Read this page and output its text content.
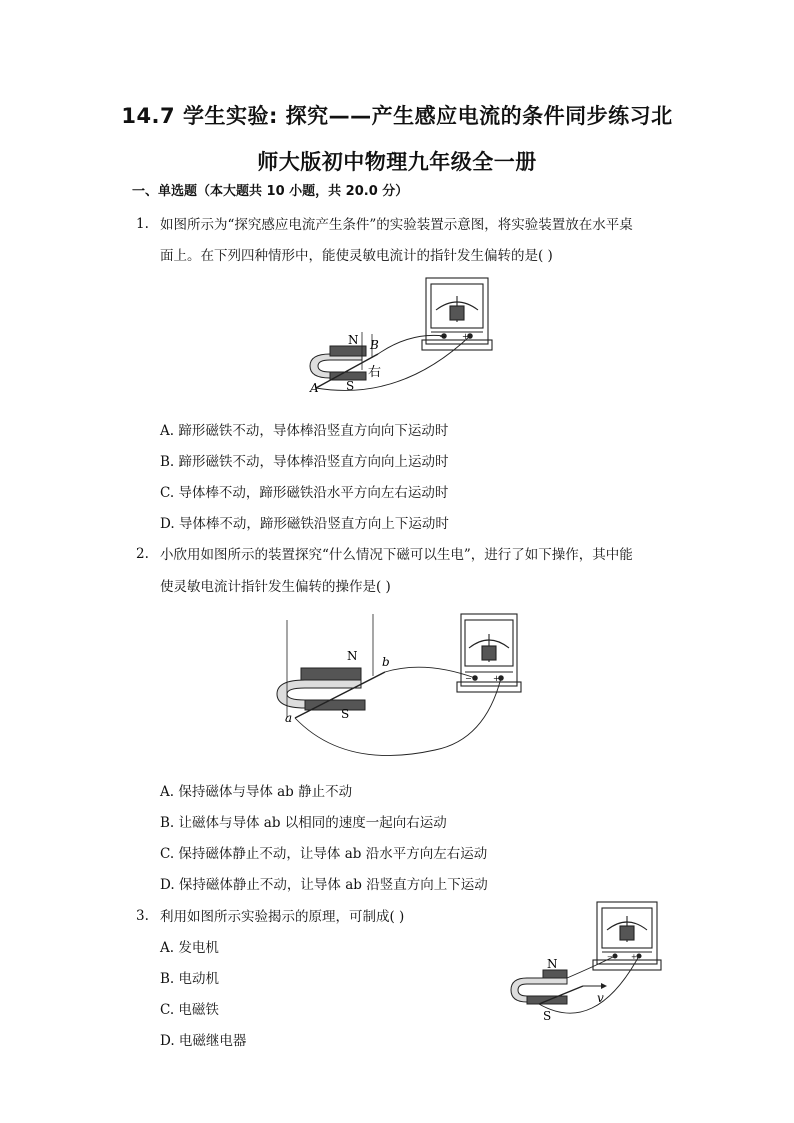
14.7 学生实验: 探究——产生感应电流的条件同步练习北
师大版初中物理九年级全一册
一、单选题（本大题共 10 小题，共 20.0 分）
1. 如图所示为“探究感应电流产生条件”的实验装置示意图，将实验装置放在水平桌
面上。在下列四种情形中，能使灵敏电流计的指针发生偏转的是( )
− +
N
S
B
A
右
A. 蹄形磁铁不动，导体棒沿竖直方向向下运动时
B. 蹄形磁铁不动，导体棒沿竖直方向向上运动时
C. 导体棒不动，蹄形磁铁沿水平方向左右运动时
D. 导体棒不动，蹄形磁铁沿竖直方向上下运动时
2. 小欣用如图所示的装置探究“什么情况下磁可以生电”，进行了如下操作，其中能
使灵敏电流计指针发生偏转的操作是( )
−	+
N
S
b
a
A. 保持磁体与导体 ab 静止不动
B. 让磁体与导体 ab 以相同的速度一起向右运动
C. 保持磁体静止不动，让导体 ab 沿水平方向左右运动
D. 保持磁体静止不动，让导体 ab 沿竖直方向上下运动
3. 利用如图所示实验揭示的原理，可制成( )
A. 发电机
B. 电动机
C. 电磁铁
D. 电磁继电器
−	+
N
S
v
